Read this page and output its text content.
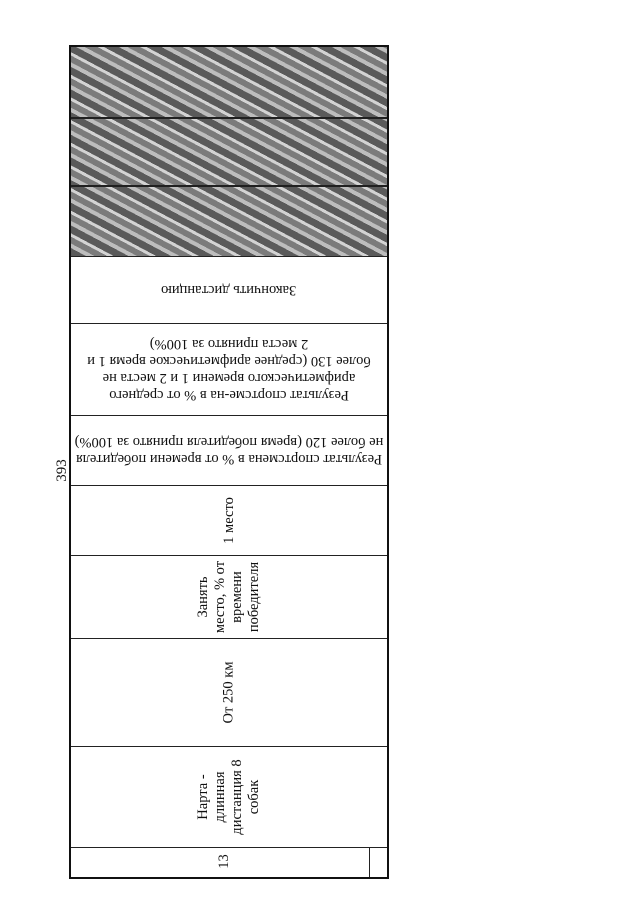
393
Закончить дистанцию
Результат спортсме-на в % от среднего арифметического времени 1 и 2 места не более 130 (среднее арифметическое время 1 и 2 места принято за 100%)
Результат спортсмена в % от времени победителя не более 120 (время победителя принято за 100%)
1 место
Занять место, % от времени победителя
От 250 км
Нарта - длинная дистанция 8 собак
13
